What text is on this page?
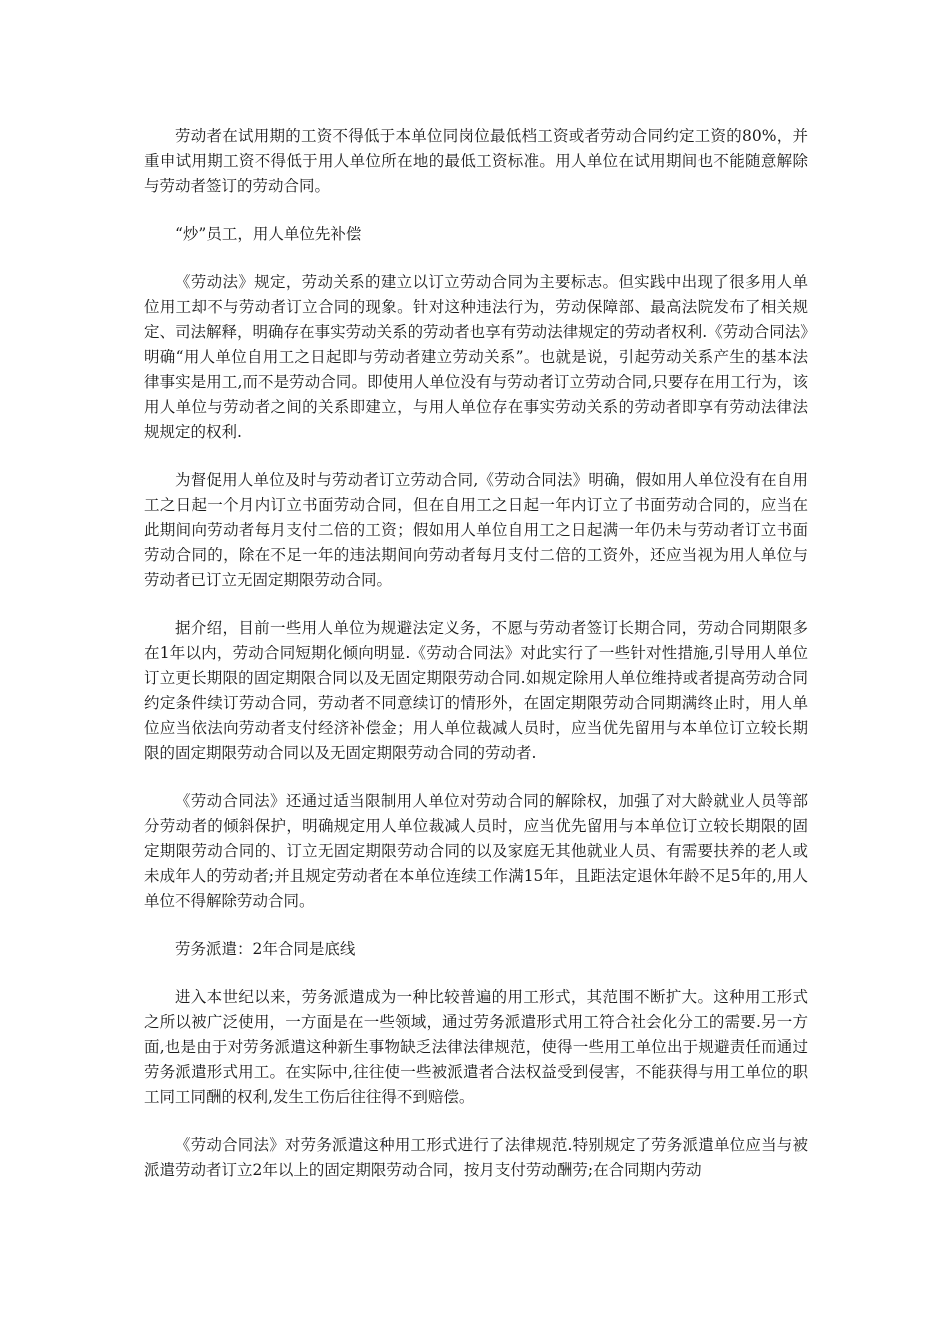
劳动者在试用期的工资不得低于本单位同岗位最低档工资或者劳动合同约定工资的80%，并重申试用期工资不得低于用人单位所在地的最低工资标准。用人单位在试用期间也不能随意解除与劳动者签订的劳动合同。

“炒”员工，用人单位先补偿

《劳动法》规定，劳动关系的建立以订立劳动合同为主要标志。但实践中出现了很多用人单位用工却不与劳动者订立合同的现象。针对这种违法行为，劳动保障部、最高法院发布了相关规定、司法解释，明确存在事实劳动关系的劳动者也享有劳动法律规定的劳动者权利.《劳动合同法》明确“用人单位自用工之日起即与劳动者建立劳动关系”。也就是说，引起劳动关系产生的基本法律事实是用工,而不是劳动合同。即使用人单位没有与劳动者订立劳动合同,只要存在用工行为，该用人单位与劳动者之间的关系即建立，与用人单位存在事实劳动关系的劳动者即享有劳动法律法规规定的权利.

为督促用人单位及时与劳动者订立劳动合同,《劳动合同法》明确，假如用人单位没有在自用工之日起一个月内订立书面劳动合同，但在自用工之日起一年内订立了书面劳动合同的，应当在此期间向劳动者每月支付二倍的工资；假如用人单位自用工之日起满一年仍未与劳动者订立书面劳动合同的，除在不足一年的违法期间向劳动者每月支付二倍的工资外，还应当视为用人单位与劳动者已订立无固定期限劳动合同。

据介绍，目前一些用人单位为规避法定义务，不愿与劳动者签订长期合同，劳动合同期限多在1年以内，劳动合同短期化倾向明显.《劳动合同法》对此实行了一些针对性措施,引导用人单位订立更长期限的固定期限合同以及无固定期限劳动合同.如规定除用人单位维持或者提高劳动合同约定条件续订劳动合同，劳动者不同意续订的情形外，在固定期限劳动合同期满终止时，用人单位应当依法向劳动者支付经济补偿金；用人单位裁减人员时，应当优先留用与本单位订立较长期限的固定期限劳动合同以及无固定期限劳动合同的劳动者.

《劳动合同法》还通过适当限制用人单位对劳动合同的解除权，加强了对大龄就业人员等部分劳动者的倾斜保护，明确规定用人单位裁减人员时，应当优先留用与本单位订立较长期限的固定期限劳动合同的、订立无固定期限劳动合同的以及家庭无其他就业人员、有需要扶养的老人或未成年人的劳动者;并且规定劳动者在本单位连续工作满15年，且距法定退休年龄不足5年的,用人单位不得解除劳动合同。

劳务派遣：2年合同是底线

进入本世纪以来，劳务派遣成为一种比较普遍的用工形式，其范围不断扩大。这种用工形式之所以被广泛使用，一方面是在一些领域，通过劳务派遣形式用工符合社会化分工的需要.另一方面,也是由于对劳务派遣这种新生事物缺乏法律法律规范，使得一些用工单位出于规避责任而通过劳务派遣形式用工。在实际中,往往使一些被派遣者合法权益受到侵害，不能获得与用工单位的职工同工同酬的权利,发生工伤后往往得不到赔偿。

《劳动合同法》对劳务派遣这种用工形式进行了法律规范.特别规定了劳务派遣单位应当与被派遣劳动者订立2年以上的固定期限劳动合同，按月支付劳动酬劳;在合同期内劳动
